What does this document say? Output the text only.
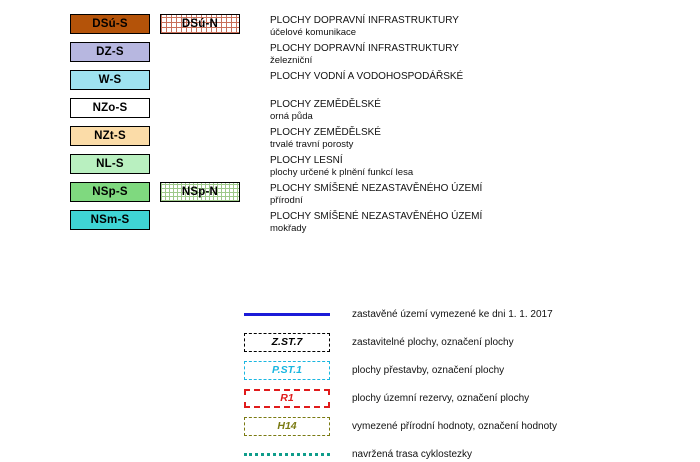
DSú-S	DSú-N	PLOCHY DOPRAVNÍ INFRASTRUKTURY
účelové komunikace
DZ-S	PLOCHY DOPRAVNÍ INFRASTRUKTURY
železniční
W-S	PLOCHY VODNÍ A VODOHOSPODÁŘSKÉ
NZo-S	PLOCHY ZEMĚDĚLSKÉ
orná půda
NZt-S	PLOCHY ZEMĚDĚLSKÉ
trvalé travní porosty
NL-S	PLOCHY LESNÍ
plochy určené k plnění funkcí lesa
NSp-S	NSp-N	PLOCHY SMÍŠENÉ NEZASTAVĚNÉHO ÚZEMÍ
přírodní
NSm-S	PLOCHY SMÍŠENÉ NEZASTAVĚNÉHO ÚZEMÍ
mokřady
zastavěné území vymezené ke dni 1. 1. 2017
Z.ST.7	zastavitelné plochy, označení plochy
P.ST.1	plochy přestavby, označení plochy
R1	plochy územní rezervy, označení plochy
H14	vymezené přírodní hodnoty, označení hodnoty
navržená trasa cyklostezky
